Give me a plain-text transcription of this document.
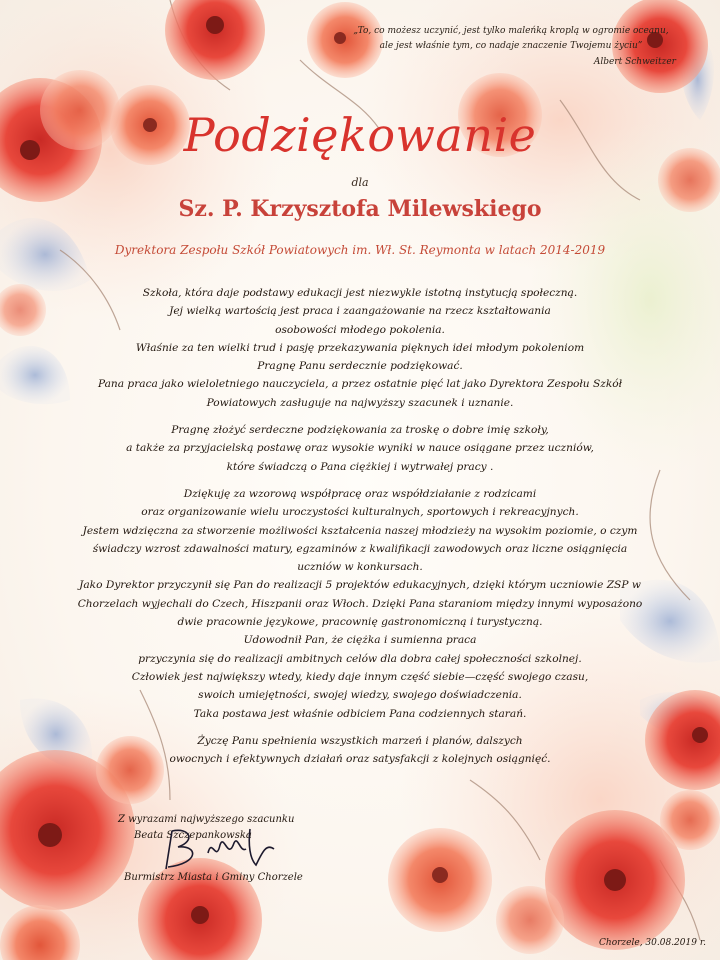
„To, co możesz uczynić, jest tylko maleńką kroplą w ogromie oceanu,
ale jest właśnie tym, co nadaje znaczenie Twojemu życiu”
Albert Schweitzer
Podziękowanie
dla
Sz. P. Krzysztofa Milewskiego
Dyrektora Zespołu Szkół Powiatowych im. Wł. St. Reymonta w latach 2014-2019
Szkoła, która daje podstawy edukacji jest niezwykle istotną instytucją społeczną.
Jej wielką wartością jest praca i zaangażowanie na rzecz kształtowania
osobowości młodego pokolenia.
Właśnie za ten wielki trud i pasję przekazywania pięknych idei młodym pokoleniom
Pragnę Panu serdecznie podziękować.
Pana praca jako wieloletniego nauczyciela, a przez ostatnie pięć lat jako Dyrektora Zespołu Szkół
Powiatowych zasługuje na najwyższy szacunek i uznanie.
Pragnę złożyć serdeczne podziękowania za troskę o dobre imię szkoły,
a także za przyjacielską postawę oraz wysokie wyniki w nauce osiągane przez uczniów,
które świadczą o Pana ciężkiej i wytrwałej pracy .
Dziękuję za wzorową współpracę oraz współdziałanie z rodzicami
oraz organizowanie wielu uroczystości kulturalnych, sportowych i rekreacyjnych.
Jestem wdzięczna za stworzenie możliwości kształcenia naszej młodzieży na wysokim poziomie, o czym
świadczy wzrost zdawalności matury, egzaminów z kwalifikacji zawodowych oraz liczne osiągnięcia
uczniów w konkursach.
Jako Dyrektor przyczynił się Pan do realizacji 5 projektów edukacyjnych, dzięki którym uczniowie ZSP w
Chorzelach wyjechali do Czech, Hiszpanii oraz Włoch. Dzięki Pana staraniom między innymi wyposażono
dwie pracownie językowe, pracownię gastronomiczną i turystyczną.
Udowodnił Pan, że ciężka i sumienna praca
przyczynia się do realizacji ambitnych celów dla dobra całej społeczności szkolnej.
Człowiek jest największy wtedy, kiedy daje innym część siebie—część swojego czasu,
swoich umiejętności, swojej wiedzy, swojego doświadczenia.
Taka postawa jest właśnie odbiciem Pana codziennych starań.
Życzę Panu spełnienia wszystkich marzeń i planów, dalszych
owocnych i efektywnych działań oraz satysfakcji z kolejnych osiągnięć.
Z wyrazami najwyższego szacunku
Beata Szczepankowska
Burmistrz Miasta i Gminy Chorzele
Chorzele, 30.08.2019 r.
